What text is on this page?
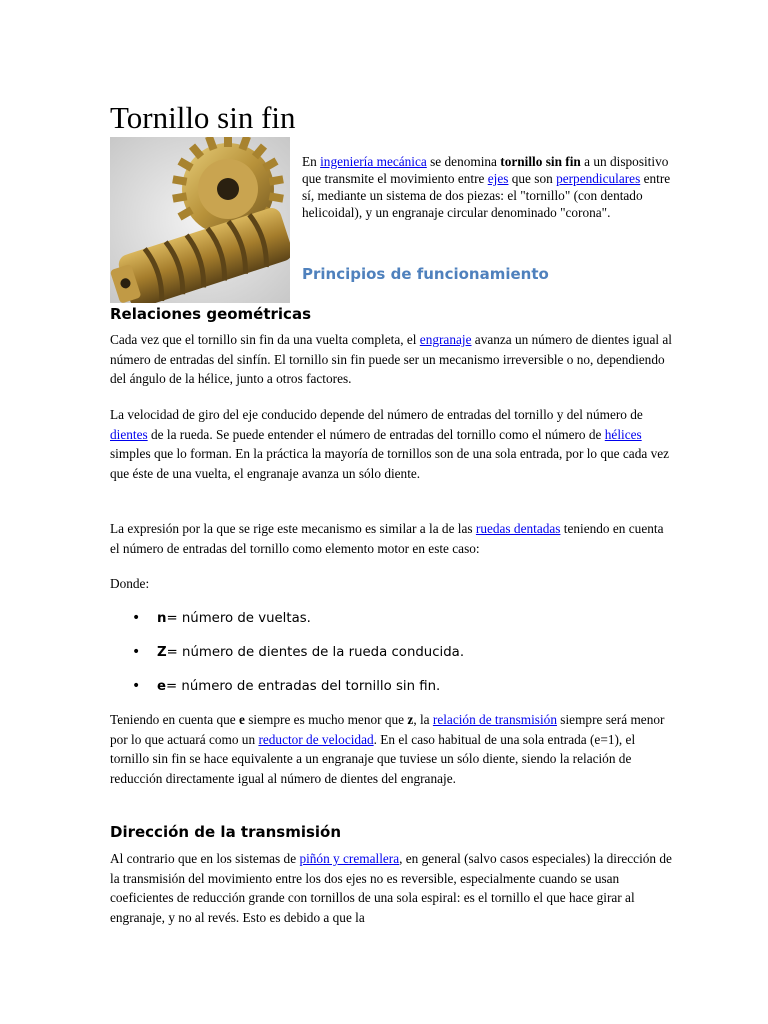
Tornillo sin fin

En ingeniería mecánica se denomina tornillo sin fin a un dispositivo que transmite el movimiento entre ejes que son perpendiculares entre sí, mediante un sistema de dos piezas: el "tornillo" (con dentado helicoidal), y un engranaje circular denominado "corona".

Principios de funcionamiento
Relaciones geométricas

Cada vez que el tornillo sin fin da una vuelta completa, el engranaje avanza un número de dientes igual al número de entradas del sinfín. El tornillo sin fin puede ser un mecanismo irreversible o no, dependiendo del ángulo de la hélice, junto a otros factores.

La velocidad de giro del eje conducido depende del número de entradas del tornillo y del número de dientes de la rueda. Se puede entender el número de entradas del tornillo como el número de hélices simples que lo forman. En la práctica la mayoría de tornillos son de una sola entrada, por lo que cada vez que éste de una vuelta, el engranaje avanza un sólo diente.

La expresión por la que se rige este mecanismo es similar a la de las ruedas dentadas teniendo en cuenta el número de entradas del tornillo como elemento motor en este caso:

Donde:

• n= número de vueltas.
• Z= número de dientes de la rueda conducida.
• e= número de entradas del tornillo sin fin.

Teniendo en cuenta que e siempre es mucho menor que z, la relación de transmisión siempre será menor por lo que actuará como un reductor de velocidad. En el caso habitual de una sola entrada (e=1), el tornillo sin fin se hace equivalente a un engranaje que tuviese un sólo diente, siendo la relación de reducción directamente igual al número de dientes del engranaje.

Dirección de la transmisión

Al contrario que en los sistemas de piñón y cremallera, en general (salvo casos especiales) la dirección de la transmisión del movimiento entre los dos ejes no es reversible, especialmente cuando se usan coeficientes de reducción grande con tornillos de una sola espiral: es el tornillo el que hace girar al engranaje, y no al revés. Esto es debido a que la
